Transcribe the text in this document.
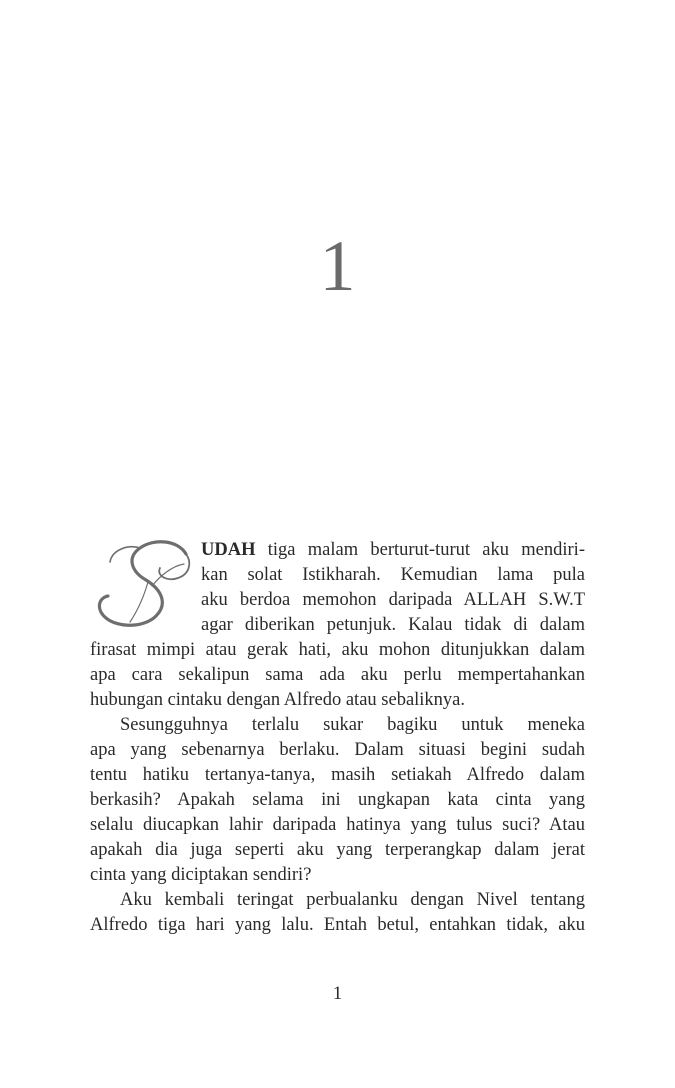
1
UDAH tiga malam berturut-turut aku mendiri-
kan solat Istikharah. Kemudian lama pula
aku berdoa memohon daripada ALLAH S.W.T
agar diberikan petunjuk. Kalau tidak di dalam
firasat mimpi atau gerak hati, aku mohon ditunjukkan dalam
apa cara sekalipun sama ada aku perlu mempertahankan
hubungan cintaku dengan Alfredo atau sebaliknya.
Sesungguhnya terlalu sukar bagiku untuk meneka
apa yang sebenarnya berlaku. Dalam situasi begini sudah
tentu hatiku tertanya-tanya, masih setiakah Alfredo dalam
berkasih? Apakah selama ini ungkapan kata cinta yang
selalu diucapkan lahir daripada hatinya yang tulus suci? Atau
apakah dia juga seperti aku yang terperangkap dalam jerat
cinta yang diciptakan sendiri?
Aku kembali teringat perbualanku dengan Nivel tentang
Alfredo tiga hari yang lalu. Entah betul, entahkan tidak, aku
1
